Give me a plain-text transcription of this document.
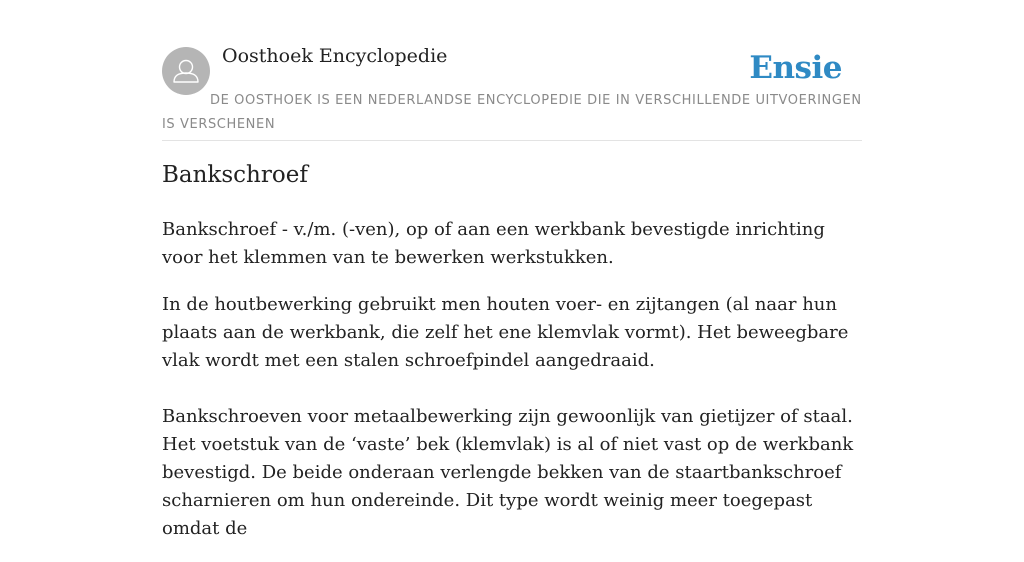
Oosthoek Encyclopedie	Ensie
DE OOSTHOEK IS EEN NEDERLANDSE ENCYCLOPEDIE DIE IN VERSCHILLENDE UITVOERINGEN IS VERSCHENEN
Bankschroef

Bankschroef - v./m. (-ven), op of aan een werkbank bevestigde inrichting voor het klemmen van te bewerken werkstukken.

In de houtbewerking gebruikt men houten voer- en zijtangen (al naar hun plaats aan de werkbank, die zelf het ene klemvlak vormt). Het beweegbare vlak wordt met een stalen schroefpindel aangedraaid.

Bankschroeven voor metaalbewerking zijn gewoonlijk van gietijzer of staal. Het voetstuk van de ‘vaste’ bek (klemvlak) is al of niet vast op de werkbank bevestigd. De beide onderaan verlengde bekken van de staartbankschroef scharnieren om hun ondereinde. Dit type wordt weinig meer toegepast omdat de
